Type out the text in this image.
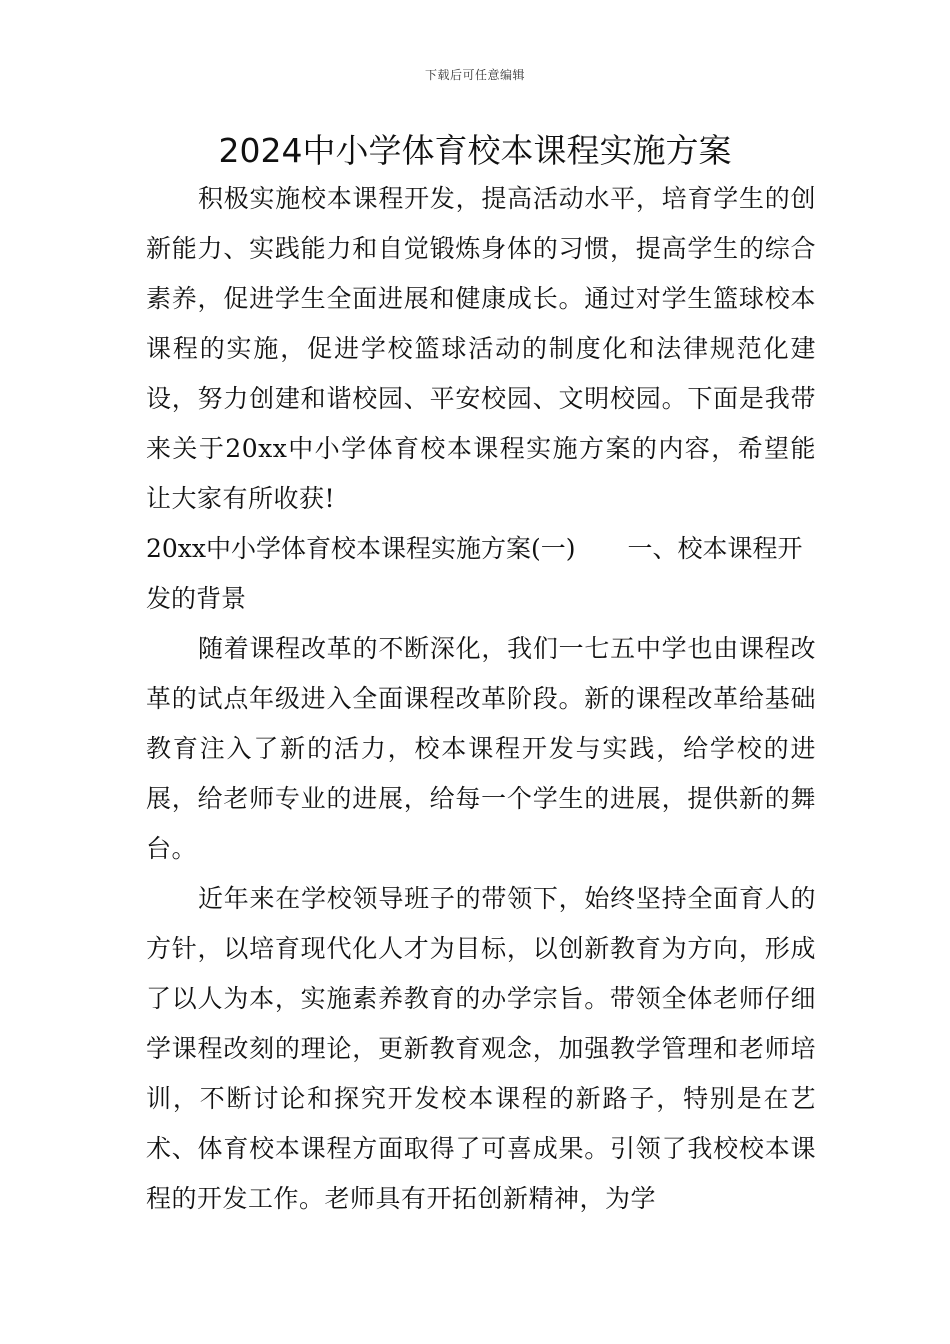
下载后可任意编辑
2024中小学体育校本课程实施方案

积极实施校本课程开发，提高活动水平，培育学生的创新能力、实践能力和自觉锻炼身体的习惯，提高学生的综合素养，促进学生全面进展和健康成长。通过对学生篮球校本课程的实施，促进学校篮球活动的制度化和法律规范化建设，努力创建和谐校园、平安校园、文明校园。下面是我带来关于20xx中小学体育校本课程实施方案的内容，希望能让大家有所收获!

20xx中小学体育校本课程实施方案(一) 一、校本课程开发的背景

随着课程改革的不断深化，我们一七五中学也由课程改革的试点年级进入全面课程改革阶段。新的课程改革给基础教育注入了新的活力，校本课程开发与实践，给学校的进展，给老师专业的进展，给每一个学生的进展，提供新的舞台。

近年来在学校领导班子的带领下，始终坚持全面育人的方针，以培育现代化人才为目标，以创新教育为方向，形成了以人为本，实施素养教育的办学宗旨。带领全体老师仔细学课程改刻的理论，更新教育观念，加强教学管理和老师培训，不断讨论和探究开发校本课程的新路子，特别是在艺术、体育校本课程方面取得了可喜成果。引领了我校校本课程的开发工作。老师具有开拓创新精神，为学
